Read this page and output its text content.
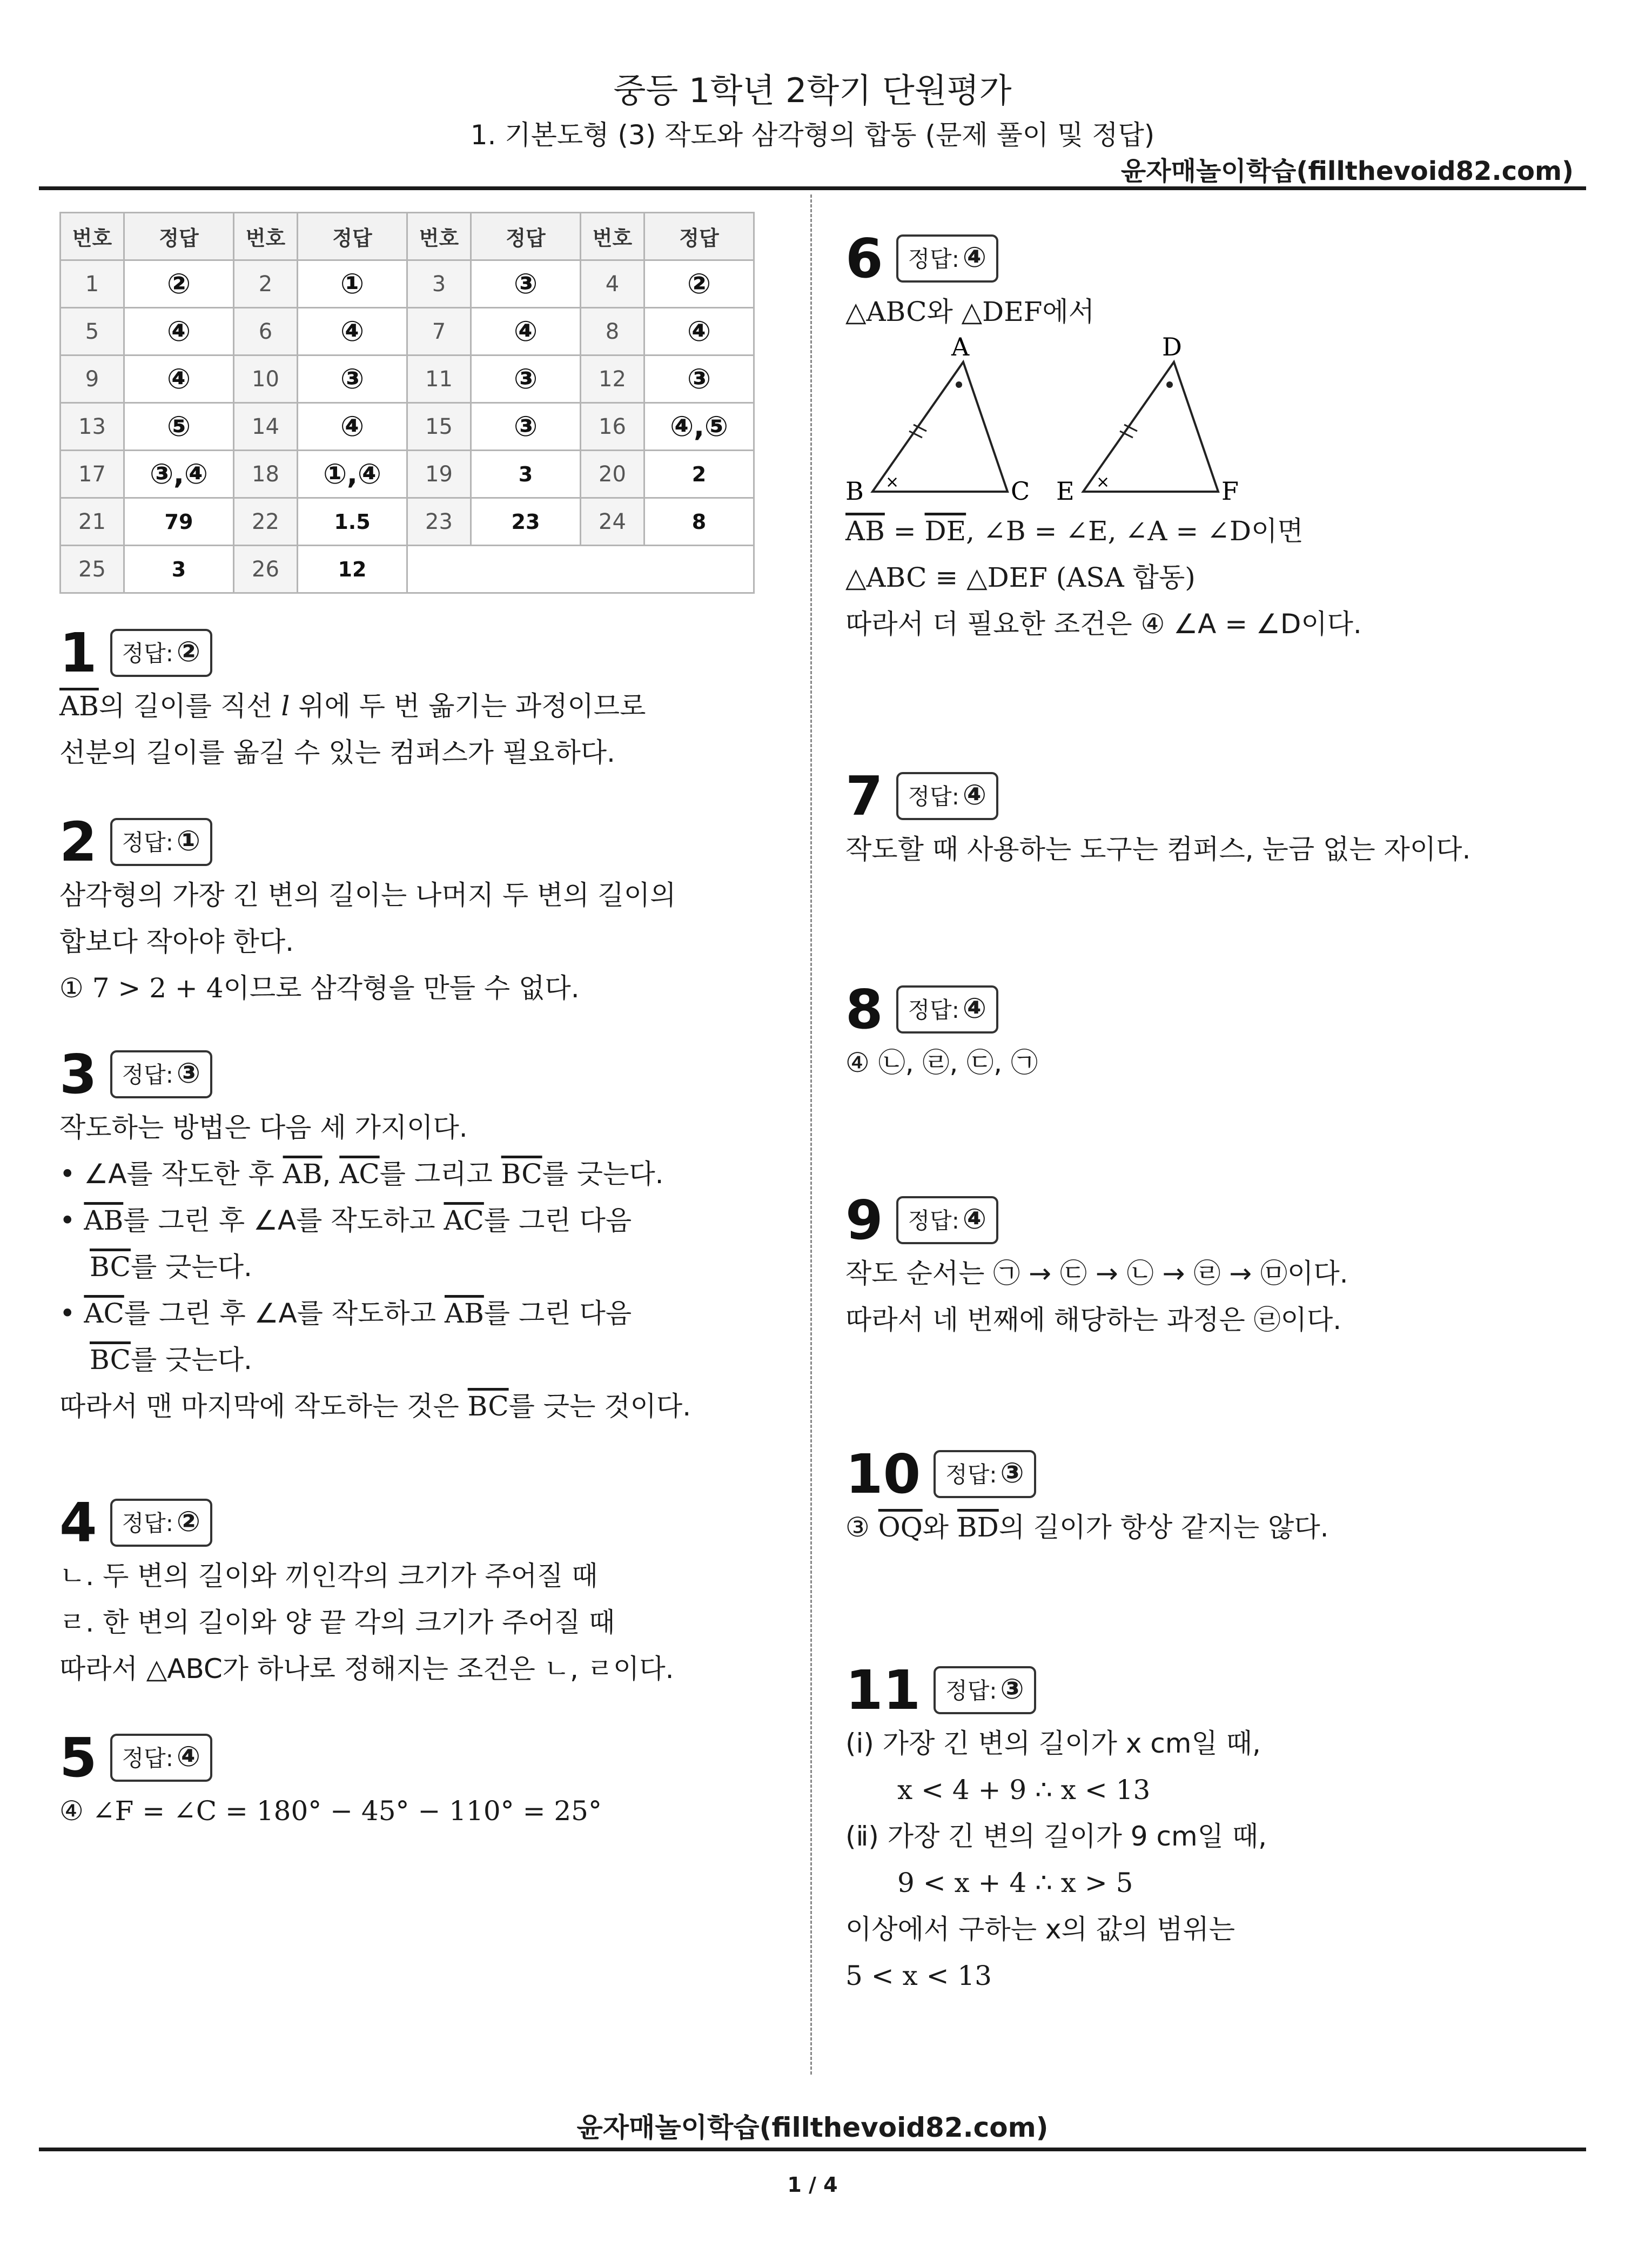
중등 1학년 2학기 단원평가
1. 기본도형 (3) 작도와 삼각형의 합동 (문제 풀이 및 정답)
윤자매놀이학습(fillthevoid82.com)
번호	정답	번호	정답	번호	정답	번호	정답
1	②	2	①	3	③	4	②
5	④	6	④	7	④	8	④
9	④	10	③	11	③	12	③
13	⑤	14	④	15	③	16	④,⑤
17	③,④	18	①,④	19	3	20	2
21	79	22	1.5	23	23	24	8
25	3	26	12				
1 정답: ②
$\overline{AB}$의 길이를 직선 l 위에 두 번 옮기는 과정이므로
선분의 길이를 옮길 수 있는 컴퍼스가 필요하다.
2 정답: ①
삼각형의 가장 긴 변의 길이는 나머지 두 변의 길이의
합보다 작아야 한다.
① 7 > 2 + 4이므로 삼각형을 만들 수 없다.
3 정답: ③
작도하는 방법은 다음 세 가지이다.
• ∠A를 작도한 후 $\overline{AB}$, $\overline{AC}$를 그리고 $\overline{BC}$를 긋는다.
• $\overline{AB}$를 그린 후 ∠A를 작도하고 $\overline{AC}$를 그린 다음
$\overline{BC}$를 긋는다.
• $\overline{AC}$를 그린 후 ∠A를 작도하고 $\overline{AB}$를 그린 다음
$\overline{BC}$를 긋는다.
따라서 맨 마지막에 작도하는 것은 $\overline{BC}$를 긋는 것이다.
4 정답: ②
ㄴ. 두 변의 길이와 끼인각의 크기가 주어질 때
ㄹ. 한 변의 길이와 양 끝 각의 크기가 주어질 때
따라서 △ABC가 하나로 정해지는 조건은 ㄴ, ㄹ이다.
5 정답: ④
④ ∠F = ∠C = 180° − 45° − 110° = 25°
6 정답: ④
△ABC와 △DEF에서
×
A
B	C	×
D
E	F
$\overline{AB} = \overline{DE}$, ∠B = ∠E, ∠A = ∠D이면
△ABC ≡ △DEF (ASA 합동)
따라서 더 필요한 조건은 ④ ∠A = ∠D이다.
7 정답: ④
작도할 때 사용하는 도구는 컴퍼스, 눈금 없는 자이다.
8 정답: ④
④ ㉡, ㉣, ㉢, ㉠
9 정답: ④
작도 순서는 ㉠ → ㉢ → ㉡ → ㉣ → ㉤이다.
따라서 네 번째에 해당하는 과정은 ㉣이다.
10 정답: ③
③ $\overline{OQ}$와 $\overline{BD}$의 길이가 항상 같지는 않다.
11 정답: ③
(ⅰ) 가장 긴 변의 길이가 x cm일 때,
x < 4 + 9 ∴ x < 13
(ⅱ) 가장 긴 변의 길이가 9 cm일 때,
9 < x + 4 ∴ x > 5
이상에서 구하는 x의 값의 범위는
5 < x < 13
윤자매놀이학습(fillthevoid82.com)
1 / 4
